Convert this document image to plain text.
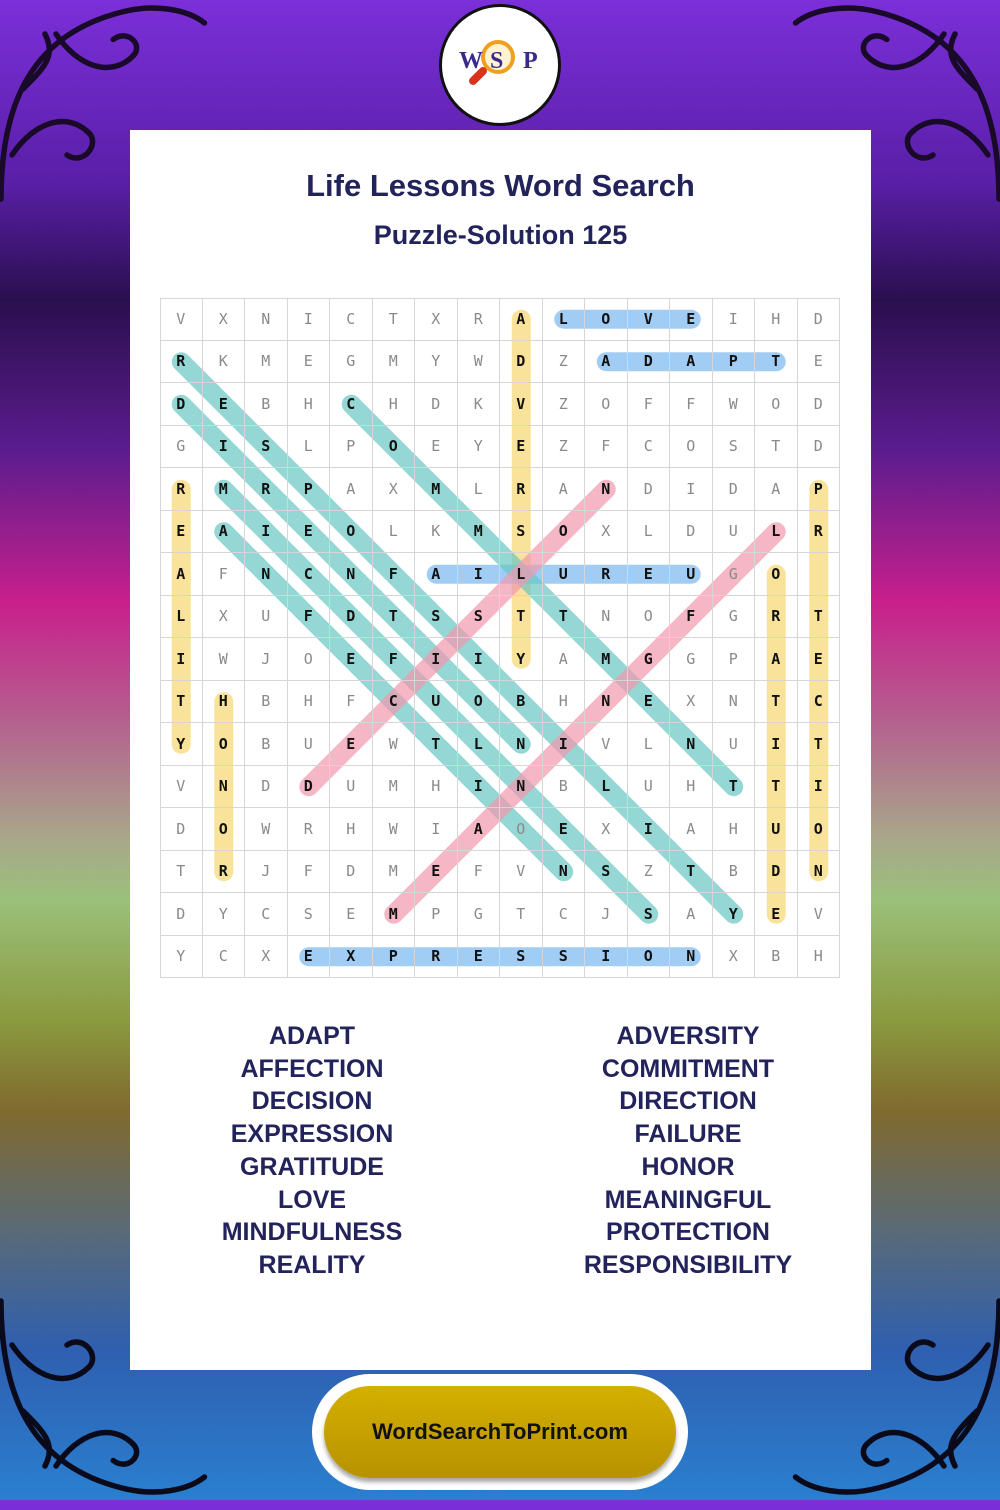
W S P
Life Lessons Word Search
Puzzle-Solution 125
V	X	N	I	C	T	X	R	A	L	O	V	E	I	H	D
R	K	M	E	G	M	Y	W	D	Z	A	D	A	P	T	E
D	E	B	H	C	H	D	K	V	Z	O	F	F	W	O	D
G	I	S	L	P	O	E	Y	E	Z	F	C	O	S	T	D
R	M	R	P	A	X	M	L	R	A	N	D	I	D	A	P
E	A	I	E	O	L	K	M	S	O	X	L	D	U	L	R
A	F	N	C	N	F	A	I	L	U	R	E	U	G	O
L	X	U	F	D	T	S	S	T	T	N	O	F	G	R	T
I	W	J	O	E	F	I	I	Y	A	M	G	G	P	A	E
T	H	B	H	F	C	U	O	B	H	N	E	X	N	T	C
Y	O	B	U	E	W	T	L	N	I	V	L	N	U	I	T
V	N	D	D	U	M	H	I	N	B	L	U	H	T	T	I
D	O	W	R	H	W	I	A	O	E	X	I	A	H	U	O
T	R	J	F	D	M	E	F	V	N	S	Z	T	B	D	N
D	Y	C	S	E	M	P	G	T	C	J	S	A	Y	E	V
Y	C	X	E	X	P	R	E	S	S	I	O	N	X	B	H
ADAPT
AFFECTION
DECISION
EXPRESSION
GRATITUDE
LOVE
MINDFULNESS
REALITY
ADVERSITY
COMMITMENT
DIRECTION
FAILURE
HONOR
MEANINGFUL
PROTECTION
RESPONSIBILITY
WordSearchToPrint.com
